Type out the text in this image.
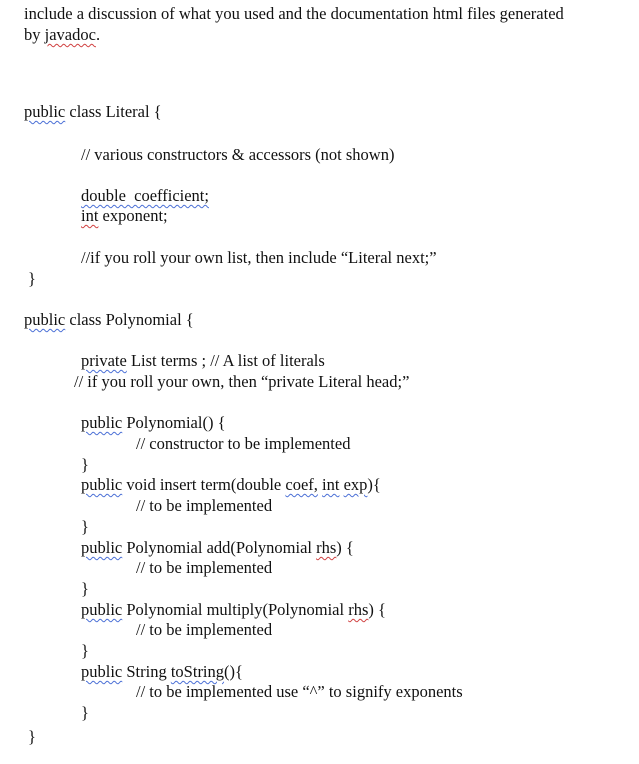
include a discussion of what you used and the documentation html files generated
by javadoc.
public class Literal {
// various constructors & accessors (not shown)
double  coefficient;
int exponent;
//if you roll your own list, then include “Literal next;”
}
public class Polynomial {
private List terms ; // A list of literals
// if you roll your own, then “private Literal head;”
public Polynomial() {
// constructor to be implemented
}
public void insert term(double coef, int exp){
// to be implemented
}
public Polynomial add(Polynomial rhs) {
// to be implemented
}
public Polynomial multiply(Polynomial rhs) {
// to be implemented
}
public String toString(){
// to be implemented use “^” to signify exponents
}
}
